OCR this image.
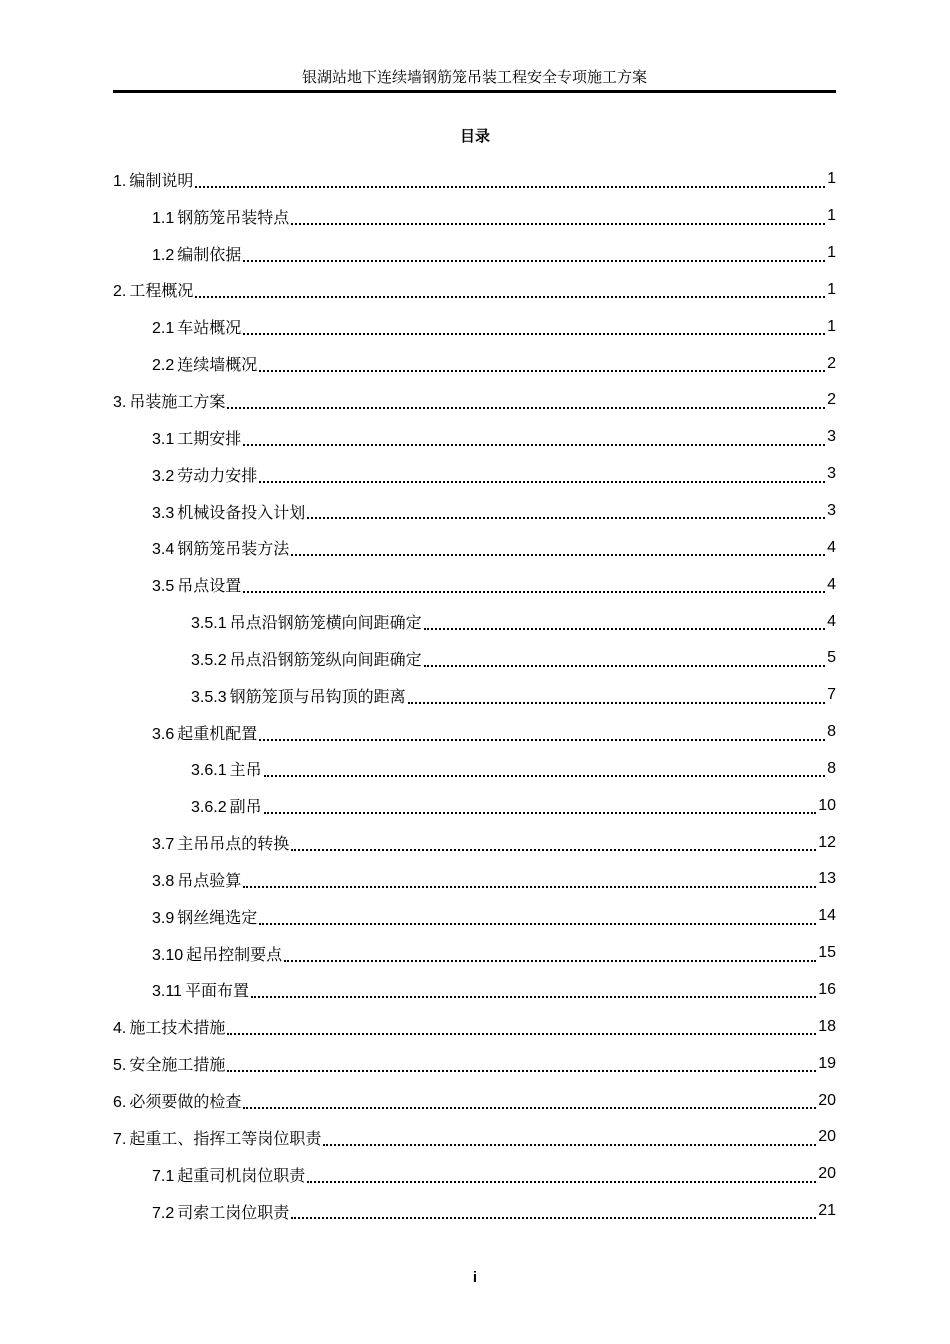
银湖站地下连续墙钢筋笼吊装工程安全专项施工方案
目录
1. 编制说明	1
1.1 钢筋笼吊装特点	1
1.2 编制依据	1
2. 工程概况	1
2.1 车站概况	1
2.2 连续墙概况	2
3. 吊装施工方案	2
3.1 工期安排	3
3.2 劳动力安排	3
3.3 机械设备投入计划	3
3.4 钢筋笼吊装方法	4
3.5 吊点设置	4
3.5.1 吊点沿钢筋笼横向间距确定	4
3.5.2 吊点沿钢筋笼纵向间距确定	5
3.5.3 钢筋笼顶与吊钩顶的距离	7
3.6 起重机配置	8
3.6.1 主吊	8
3.6.2 副吊	10
3.7 主吊吊点的转换	12
3.8 吊点验算	13
3.9 钢丝绳选定	14
3.10 起吊控制要点	15
3.11 平面布置	16
4. 施工技术措施	18
5. 安全施工措施	19
6. 必须要做的检查	20
7. 起重工、指挥工等岗位职责	20
7.1 起重司机岗位职责	20
7.2 司索工岗位职责	21
i
